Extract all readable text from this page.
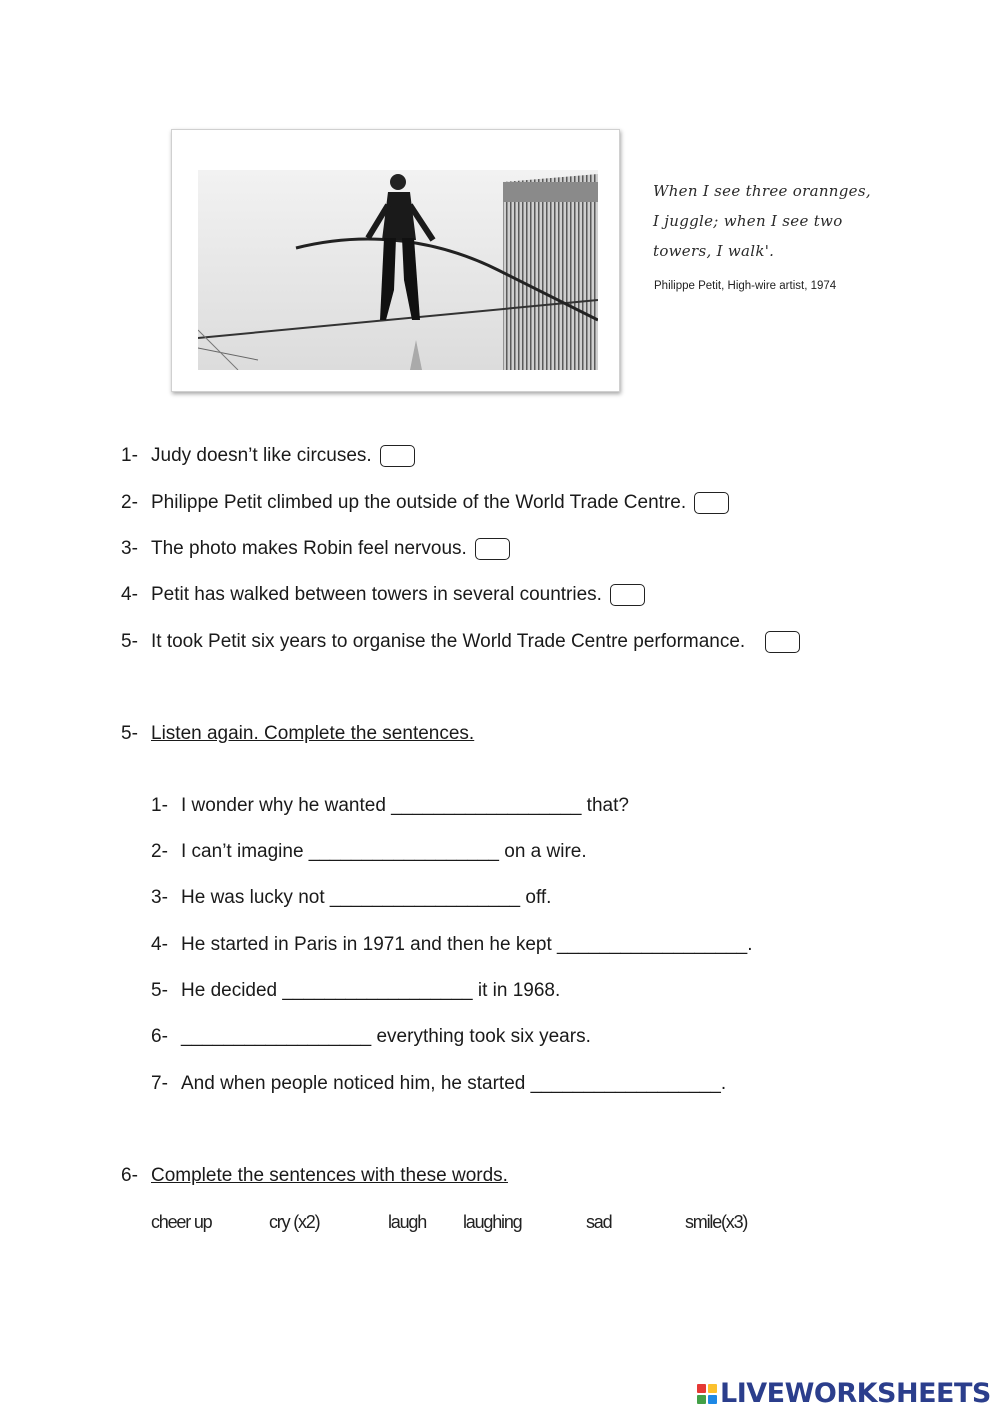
When I see three orannges,
I juggle; when I see two
towers, I walk'.
Philippe Petit, High-wire artist, 1974
1- Judy doesn’t like circuses.
2- Philippe Petit climbed up the outside of the World Trade Centre.
3- The photo makes Robin feel nervous.
4- Petit has walked between towers in several countries.
5- It took Petit six years to organise the World Trade Centre performance.
5- Listen again. Complete the sentences.
1- I wonder why he wanted __________________ that?
2- I can’t imagine __________________ on a wire.
3- He was lucky not __________________ off.
4- He started in Paris in 1971 and then he kept __________________.
5- He decided __________________ it in 1968.
6- __________________ everything took six years.
7- And when people noticed him, he started __________________.
6- Complete the sentences with these words.
cheer up	cry (x2)	laugh laughing	sad	smile(x3)
LIVEWORKSHEETS
